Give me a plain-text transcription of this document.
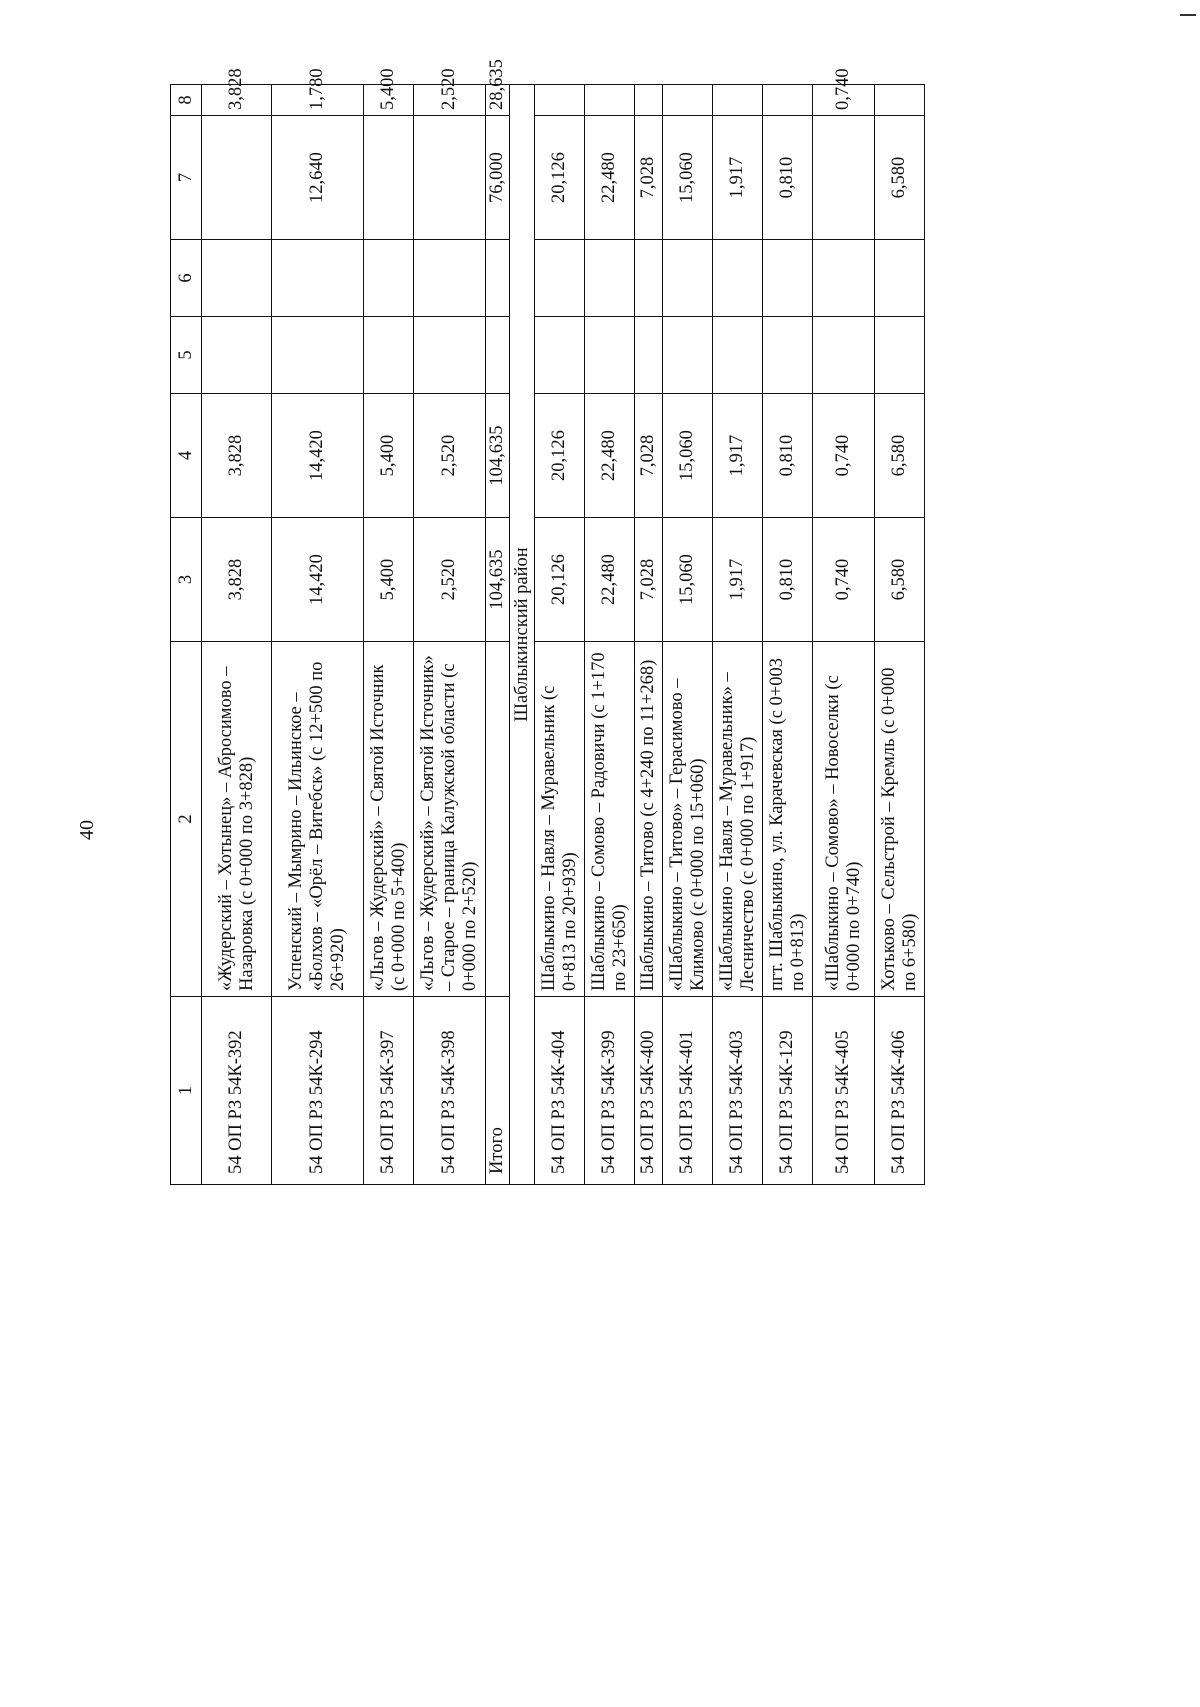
40
1	2	3	4	5	6	7	8
54 ОП РЗ 54К-392	«Жудерский – Хотынец» – Абросимово – Назаровка (с 0+000 по 3+828)	3,828	3,828				3,828
54 ОП РЗ 54К-294	Успенский – Мымрино – Ильинское – «Болхов – «Орёл – Витебск» (с 12+500 по 26+920)	14,420	14,420			12,640	1,780
54 ОП РЗ 54К-397	«Льгов – Жудерский» – Святой Источник (с 0+000 по 5+400)	5,400	5,400				5,400
54 ОП РЗ 54К-398	«Льгов – Жудерский» – Святой Источник» – Старое – граница Калужской области (с 0+000 по 2+520)	2,520	2,520				2,520
Итого		104,635	104,635			76,000	28,635
Шаблыкинский район							
54 ОП РЗ 54К-404	Шаблыкино – Навля – Муравельник (с 0+813 по 20+939)	20,126	20,126			20,126	
54 ОП РЗ 54К-399	Шаблыкино – Сомово – Радовичи (с 1+170 по 23+650)	22,480	22,480			22,480	
54 ОП РЗ 54К-400	Шаблыкино – Титово (с 4+240 по 11+268)	7,028	7,028			7,028	
54 ОП РЗ 54К-401	«Шаблыкино – Титово» – Герасимово – Климово (с 0+000 по 15+060)	15,060	15,060			15,060	
54 ОП РЗ 54К-403	«Шаблыкино – Навля – Муравельник» – Лесничество (с 0+000 по 1+917)	1,917	1,917			1,917	
54 ОП РЗ 54К-129	пгт. Шаблыкино, ул. Карачевская (с 0+003 по 0+813)	0,810	0,810			0,810	
54 ОП РЗ 54К-405	«Шаблыкино – Сомово» – Новоселки (с 0+000 по 0+740)	0,740	0,740				0,740
54 ОП РЗ 54К-406	Хотьково – Сельстрой – Кремль (с 0+000 по 6+580)	6,580	6,580			6,580	
